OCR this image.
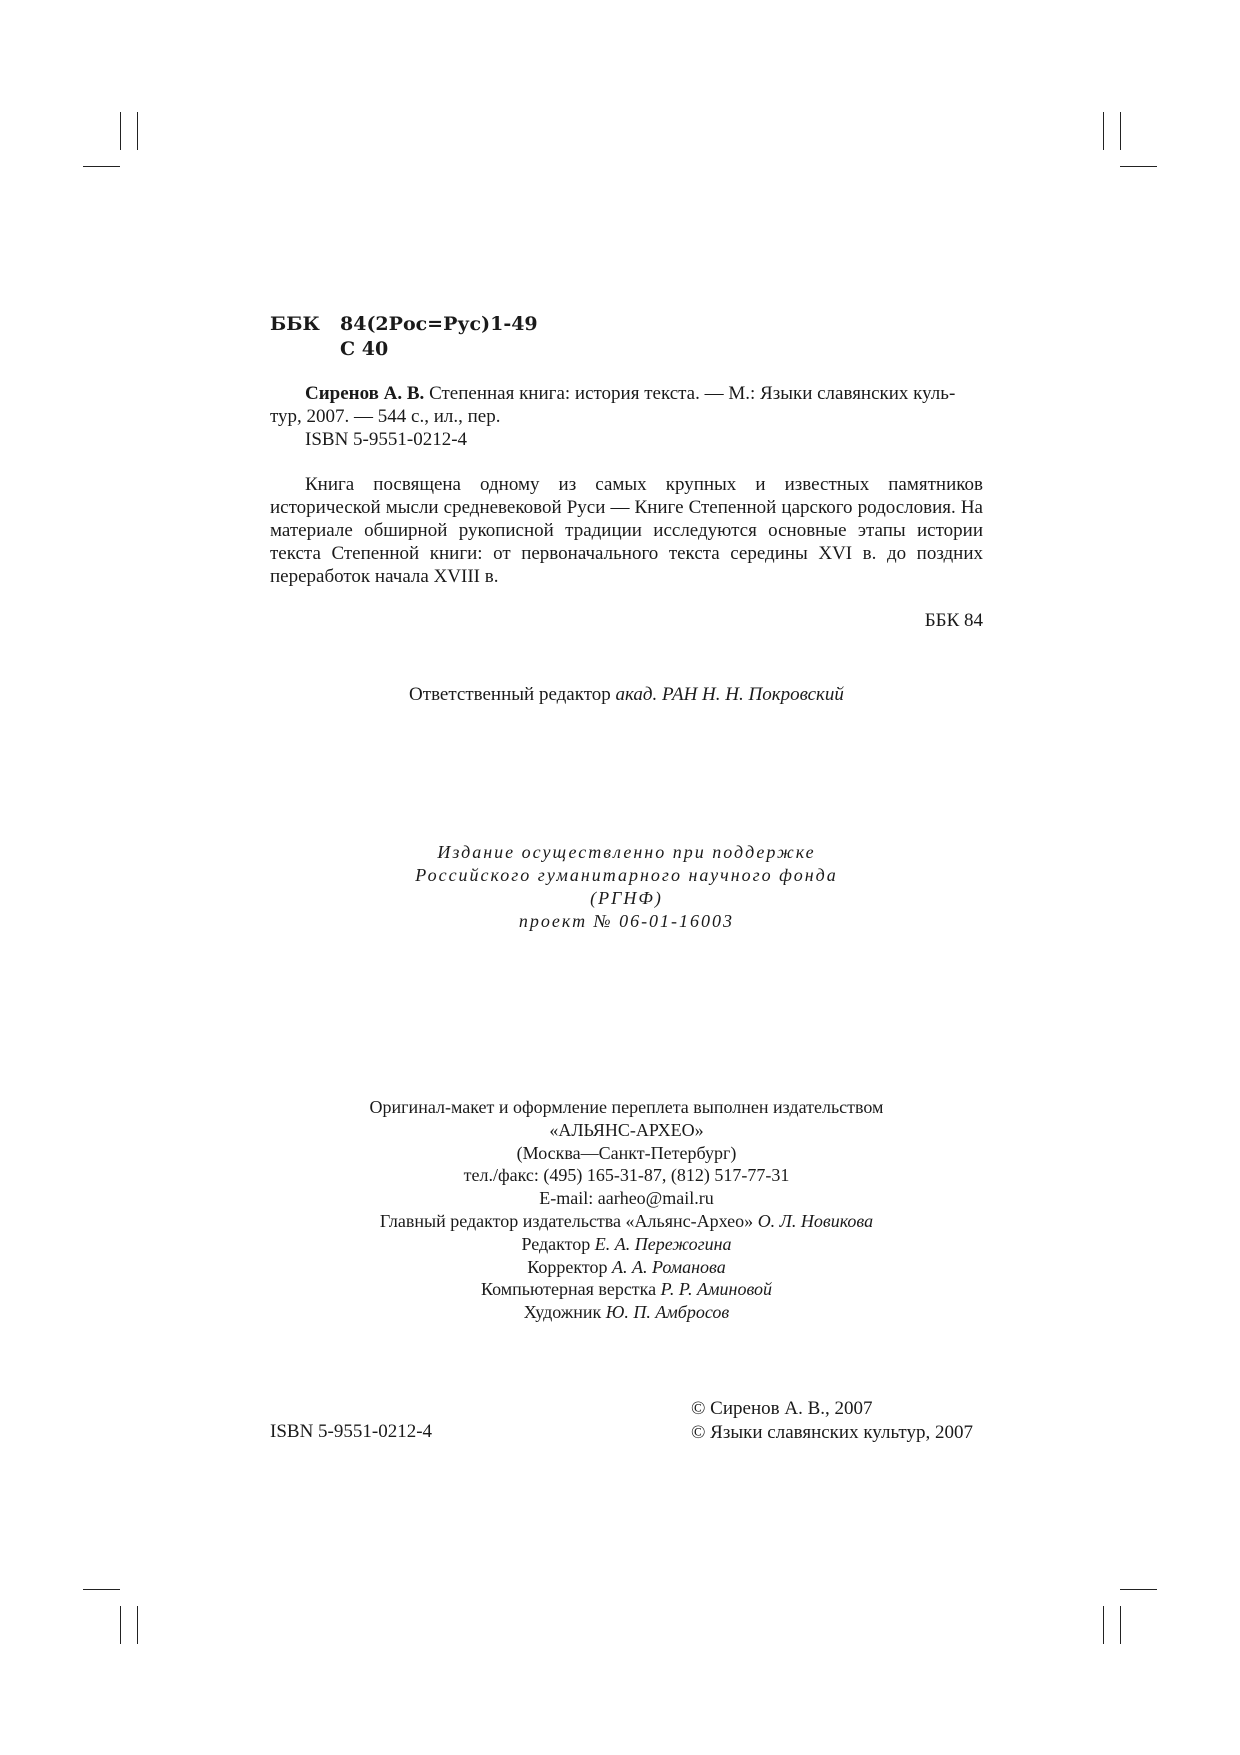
ББК 84(2Рос=Рус)1-49
С 40
Сиренов А. В. Степенная книга: история текста. — М.: Языки славянских куль-
тур, 2007. — 544 с., ил., пер.
ISBN 5-9551-0212-4
Книга посвящена одному из самых крупных и известных памятников исторической мысли средневековой Руси — Книге Степенной царского родословия. На материале обширной рукописной традиции исследуются основные этапы истории текста Степенной книги: от первоначального текста середины XVI в. до поздних переработок начала XVIII в.
ББК 84
Ответственный редактор акад. РАН Н. Н. Покровский
Издание осуществленно при поддержке
Российского гуманитарного научного фонда
(РГНФ)
проект № 06-01-16003
Оригинал-макет и оформление переплета выполнен издательством
«АЛЬЯНС-АРХЕО»
(Москва—Санкт-Петербург)
тел./факс: (495) 165-31-87, (812) 517-77-31
E-mail: aarheo@mail.ru
Главный редактор издательства «Альянс-Архео» О. Л. Новикова
Редактор Е. А. Пережогина
Корректор А. А. Романова
Компьютерная верстка Р. Р. Аминовой
Художник Ю. П. Амбросов
ISBN 5-9551-0212-4
© Сиренов А. В., 2007
© Языки славянских культур, 2007
